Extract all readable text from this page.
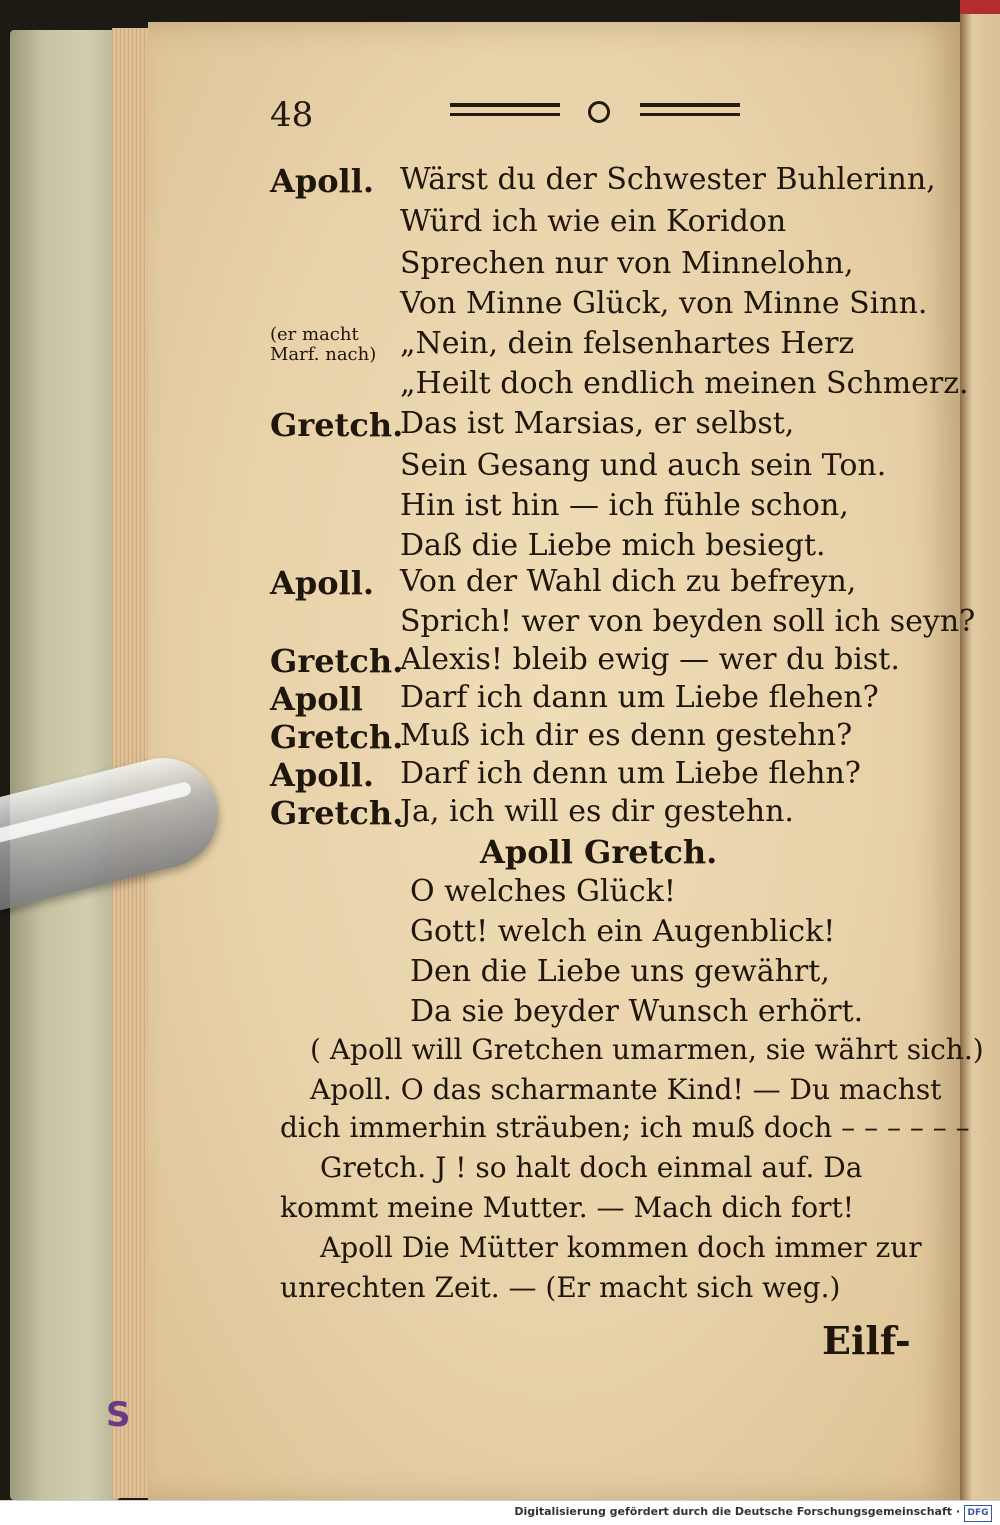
48
Apoll. Wärst du der Schwester Buhlerinn,
Würd ich wie ein Koridon
Sprechen nur von Minnelohn,
Von Minne Glück, von Minne Sinn.
(er macht
Marf. nach) „Nein, dein felsenhartes Herz
„Heilt doch endlich meinen Schmerz.
Gretch.
Das ist Marsias, er selbst,
Sein Gesang und auch sein Ton.
Hin ist hin — ich fühle schon,
Daß die Liebe mich besiegt.
Apoll. Von der Wahl dich zu befreyn,
Sprich! wer von beyden soll ich seyn?
Gretch.
Alexis! bleib ewig — wer du bist.
Apoll Darf ich dann um Liebe flehen?
Gretch.
Muß ich dir es denn gestehn?
Apoll. Darf ich denn um Liebe flehn?
Gretch.
Ja, ich will es dir gestehn.
Apoll Gretch.
O welches Glück!
Gott! welch ein Augenblick!
Den die Liebe uns gewährt,
Da sie beyder Wunsch erhört.
( Apoll will Gretchen umarmen, sie währt sich.)
Apoll. O das scharmante Kind! — Du machst
dich immerhin sträuben; ich muß doch – – – – – –
Gretch. J ! so halt doch einmal auf. Da
kommt meine Mutter. — Mach dich fort!
Apoll Die Mütter kommen doch immer zur
unrechten Zeit. — (Er macht sich weg.)
Eilf-
S
Digitalisierung gefördert durch die Deutsche Forschungsgemeinschaft · DFG
